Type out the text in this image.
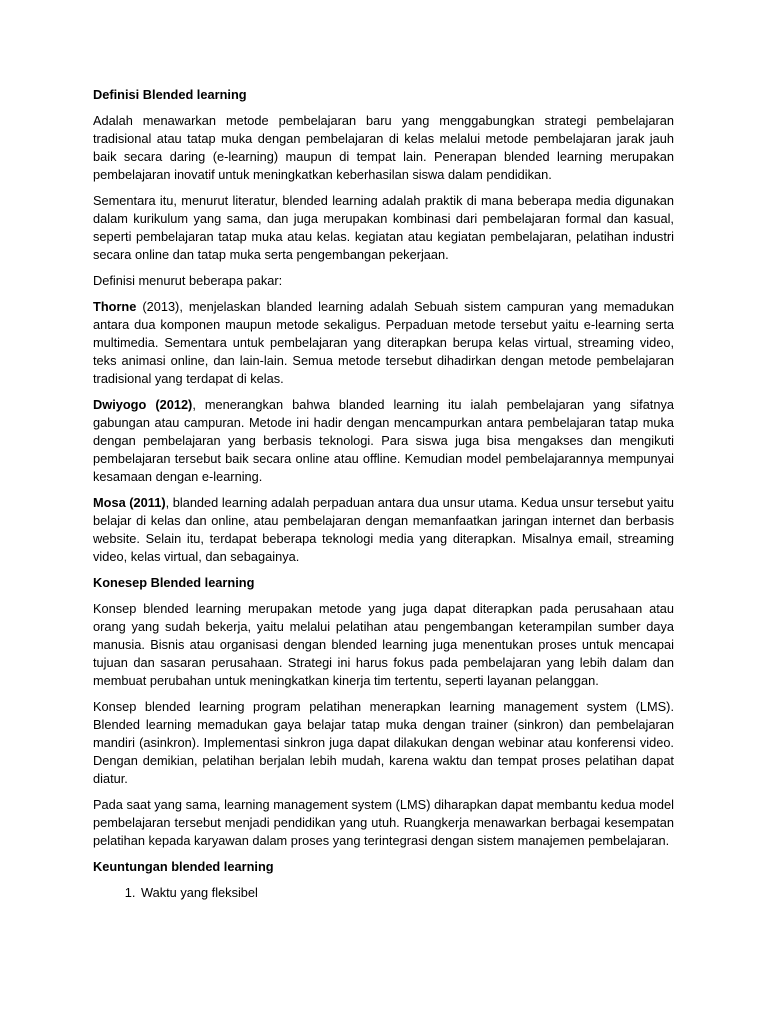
Definisi Blended learning

Adalah menawarkan metode pembelajaran baru yang menggabungkan strategi pembelajaran tradisional atau tatap muka dengan pembelajaran di kelas melalui metode pembelajaran jarak jauh baik secara daring (e-learning) maupun di tempat lain. Penerapan blended learning merupakan pembelajaran inovatif untuk meningkatkan keberhasilan siswa dalam pendidikan.

Sementara itu, menurut literatur, blended learning adalah praktik di mana beberapa media digunakan dalam kurikulum yang sama, dan juga merupakan kombinasi dari pembelajaran formal dan kasual, seperti pembelajaran tatap muka atau kelas. kegiatan atau kegiatan pembelajaran, pelatihan industri secara online dan tatap muka serta pengembangan pekerjaan.

Definisi menurut beberapa pakar:

Thorne (2013), menjelaskan blanded learning adalah Sebuah sistem campuran yang memadukan antara dua komponen maupun metode sekaligus. Perpaduan metode tersebut yaitu e-learning serta multimedia. Sementara untuk pembelajaran yang diterapkan berupa kelas virtual, streaming video, teks animasi online, dan lain-lain. Semua metode tersebut dihadirkan dengan metode pembelajaran tradisional yang terdapat di kelas.

Dwiyogo (2012), menerangkan bahwa blanded learning itu ialah pembelajaran yang sifatnya gabungan atau campuran. Metode ini hadir dengan mencampurkan antara pembelajaran tatap muka dengan pembelajaran yang berbasis teknologi. Para siswa juga bisa mengakses dan mengikuti pembelajaran tersebut baik secara online atau offline. Kemudian model pembelajarannya mempunyai kesamaan dengan e-learning.

Mosa (2011), blanded learning adalah perpaduan antara dua unsur utama. Kedua unsur tersebut yaitu belajar di kelas dan online, atau pembelajaran dengan memanfaatkan jaringan internet dan berbasis website. Selain itu, terdapat beberapa teknologi media yang diterapkan. Misalnya email, streaming video, kelas virtual, dan sebagainya.

Konesep Blended learning

Konsep blended learning merupakan metode yang juga dapat diterapkan pada perusahaan atau orang yang sudah bekerja, yaitu melalui pelatihan atau pengembangan keterampilan sumber daya manusia. Bisnis atau organisasi dengan blended learning juga menentukan proses untuk mencapai tujuan dan sasaran perusahaan. Strategi ini harus fokus pada pembelajaran yang lebih dalam dan membuat perubahan untuk meningkatkan kinerja tim tertentu, seperti layanan pelanggan.

Konsep blended learning program pelatihan menerapkan learning management system (LMS). Blended learning memadukan gaya belajar tatap muka dengan trainer (sinkron) dan pembelajaran mandiri (asinkron). Implementasi sinkron juga dapat dilakukan dengan webinar atau konferensi video. Dengan demikian, pelatihan berjalan lebih mudah, karena waktu dan tempat proses pelatihan dapat diatur.

Pada saat yang sama, learning management system (LMS) diharapkan dapat membantu kedua model pembelajaran tersebut menjadi pendidikan yang utuh. Ruangkerja menawarkan berbagai kesempatan pelatihan kepada karyawan dalam proses yang terintegrasi dengan sistem manajemen pembelajaran.

Keuntungan blended learning

1. Waktu yang fleksibel
